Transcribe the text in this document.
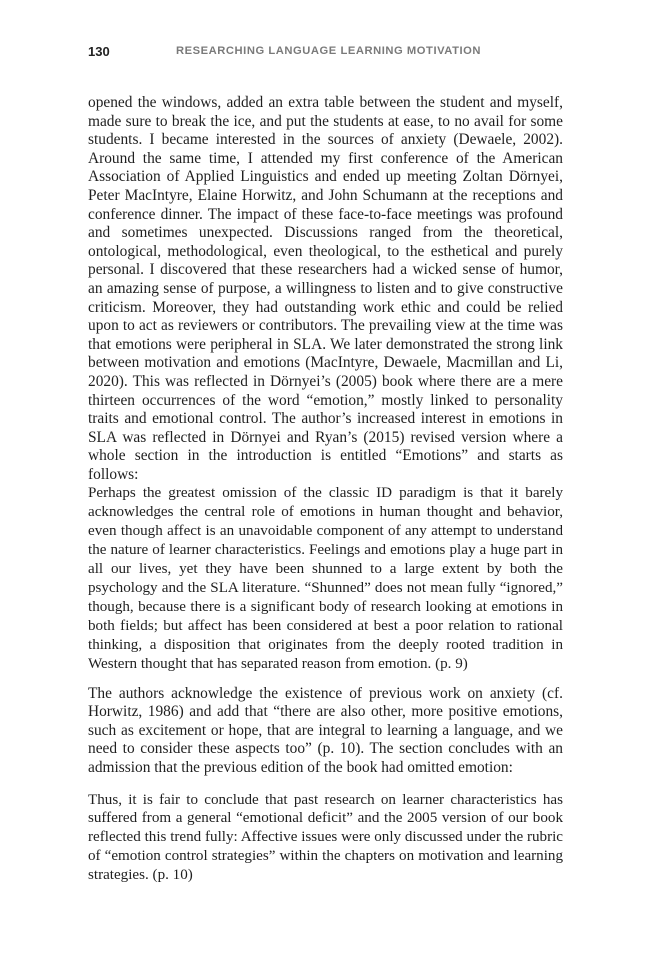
130	RESEARCHING LANGUAGE LEARNING MOTIVATION

opened the windows, added an extra table between the student and myself, made sure to break the ice, and put the students at ease, to no avail for some students. I became interested in the sources of anxiety (Dewaele, 2002). Around the same time, I attended my first conference of the American Association of Applied Linguistics and ended up meeting Zoltan Dörnyei, Peter MacIntyre, Elaine Horwitz, and John Schumann at the receptions and conference dinner. The impact of these face-to-face meetings was profound and sometimes unexpected. Discussions ranged from the theoretical, ontological, methodological, even theological, to the esthetical and purely personal. I discovered that these researchers had a wicked sense of humor, an amazing sense of purpose, a willingness to listen and to give constructive criticism. Moreover, they had outstanding work ethic and could be relied upon to act as reviewers or contributors. The prevailing view at the time was that emotions were peripheral in SLA. We later demonstrated the strong link between motivation and emotions (MacIntyre, Dewaele, Macmillan and Li, 2020). This was reflected in Dörnyei’s (2005) book where there are a mere thirteen occurrences of the word “emotion,” mostly linked to personality traits and emotional control. The author’s increased interest in emotions in SLA was reflected in Dörnyei and Ryan’s (2015) revised version where a whole section in the introduction is entitled “Emotions” and starts as follows:

Perhaps the greatest omission of the classic ID paradigm is that it barely acknowledges the central role of emotions in human thought and behavior, even though affect is an unavoidable component of any attempt to understand the nature of learner characteristics. Feelings and emotions play a huge part in all our lives, yet they have been shunned to a large extent by both the psychology and the SLA literature. “Shunned” does not mean fully “ignored,” though, because there is a significant body of research looking at emotions in both fields; but affect has been considered at best a poor relation to rational thinking, a disposition that originates from the deeply rooted tradition in Western thought that has separated reason from emotion. (p. 9)

The authors acknowledge the existence of previous work on anxiety (cf. Horwitz, 1986) and add that “there are also other, more positive emotions, such as excitement or hope, that are integral to learning a language, and we need to consider these aspects too” (p. 10). The section concludes with an admission that the previous edition of the book had omitted emotion:

Thus, it is fair to conclude that past research on learner characteristics has suffered from a general “emotional deficit” and the 2005 version of our book reflected this trend fully: Affective issues were only discussed under the rubric of “emotion control strategies” within the chapters on motivation and learning strategies. (p. 10)
